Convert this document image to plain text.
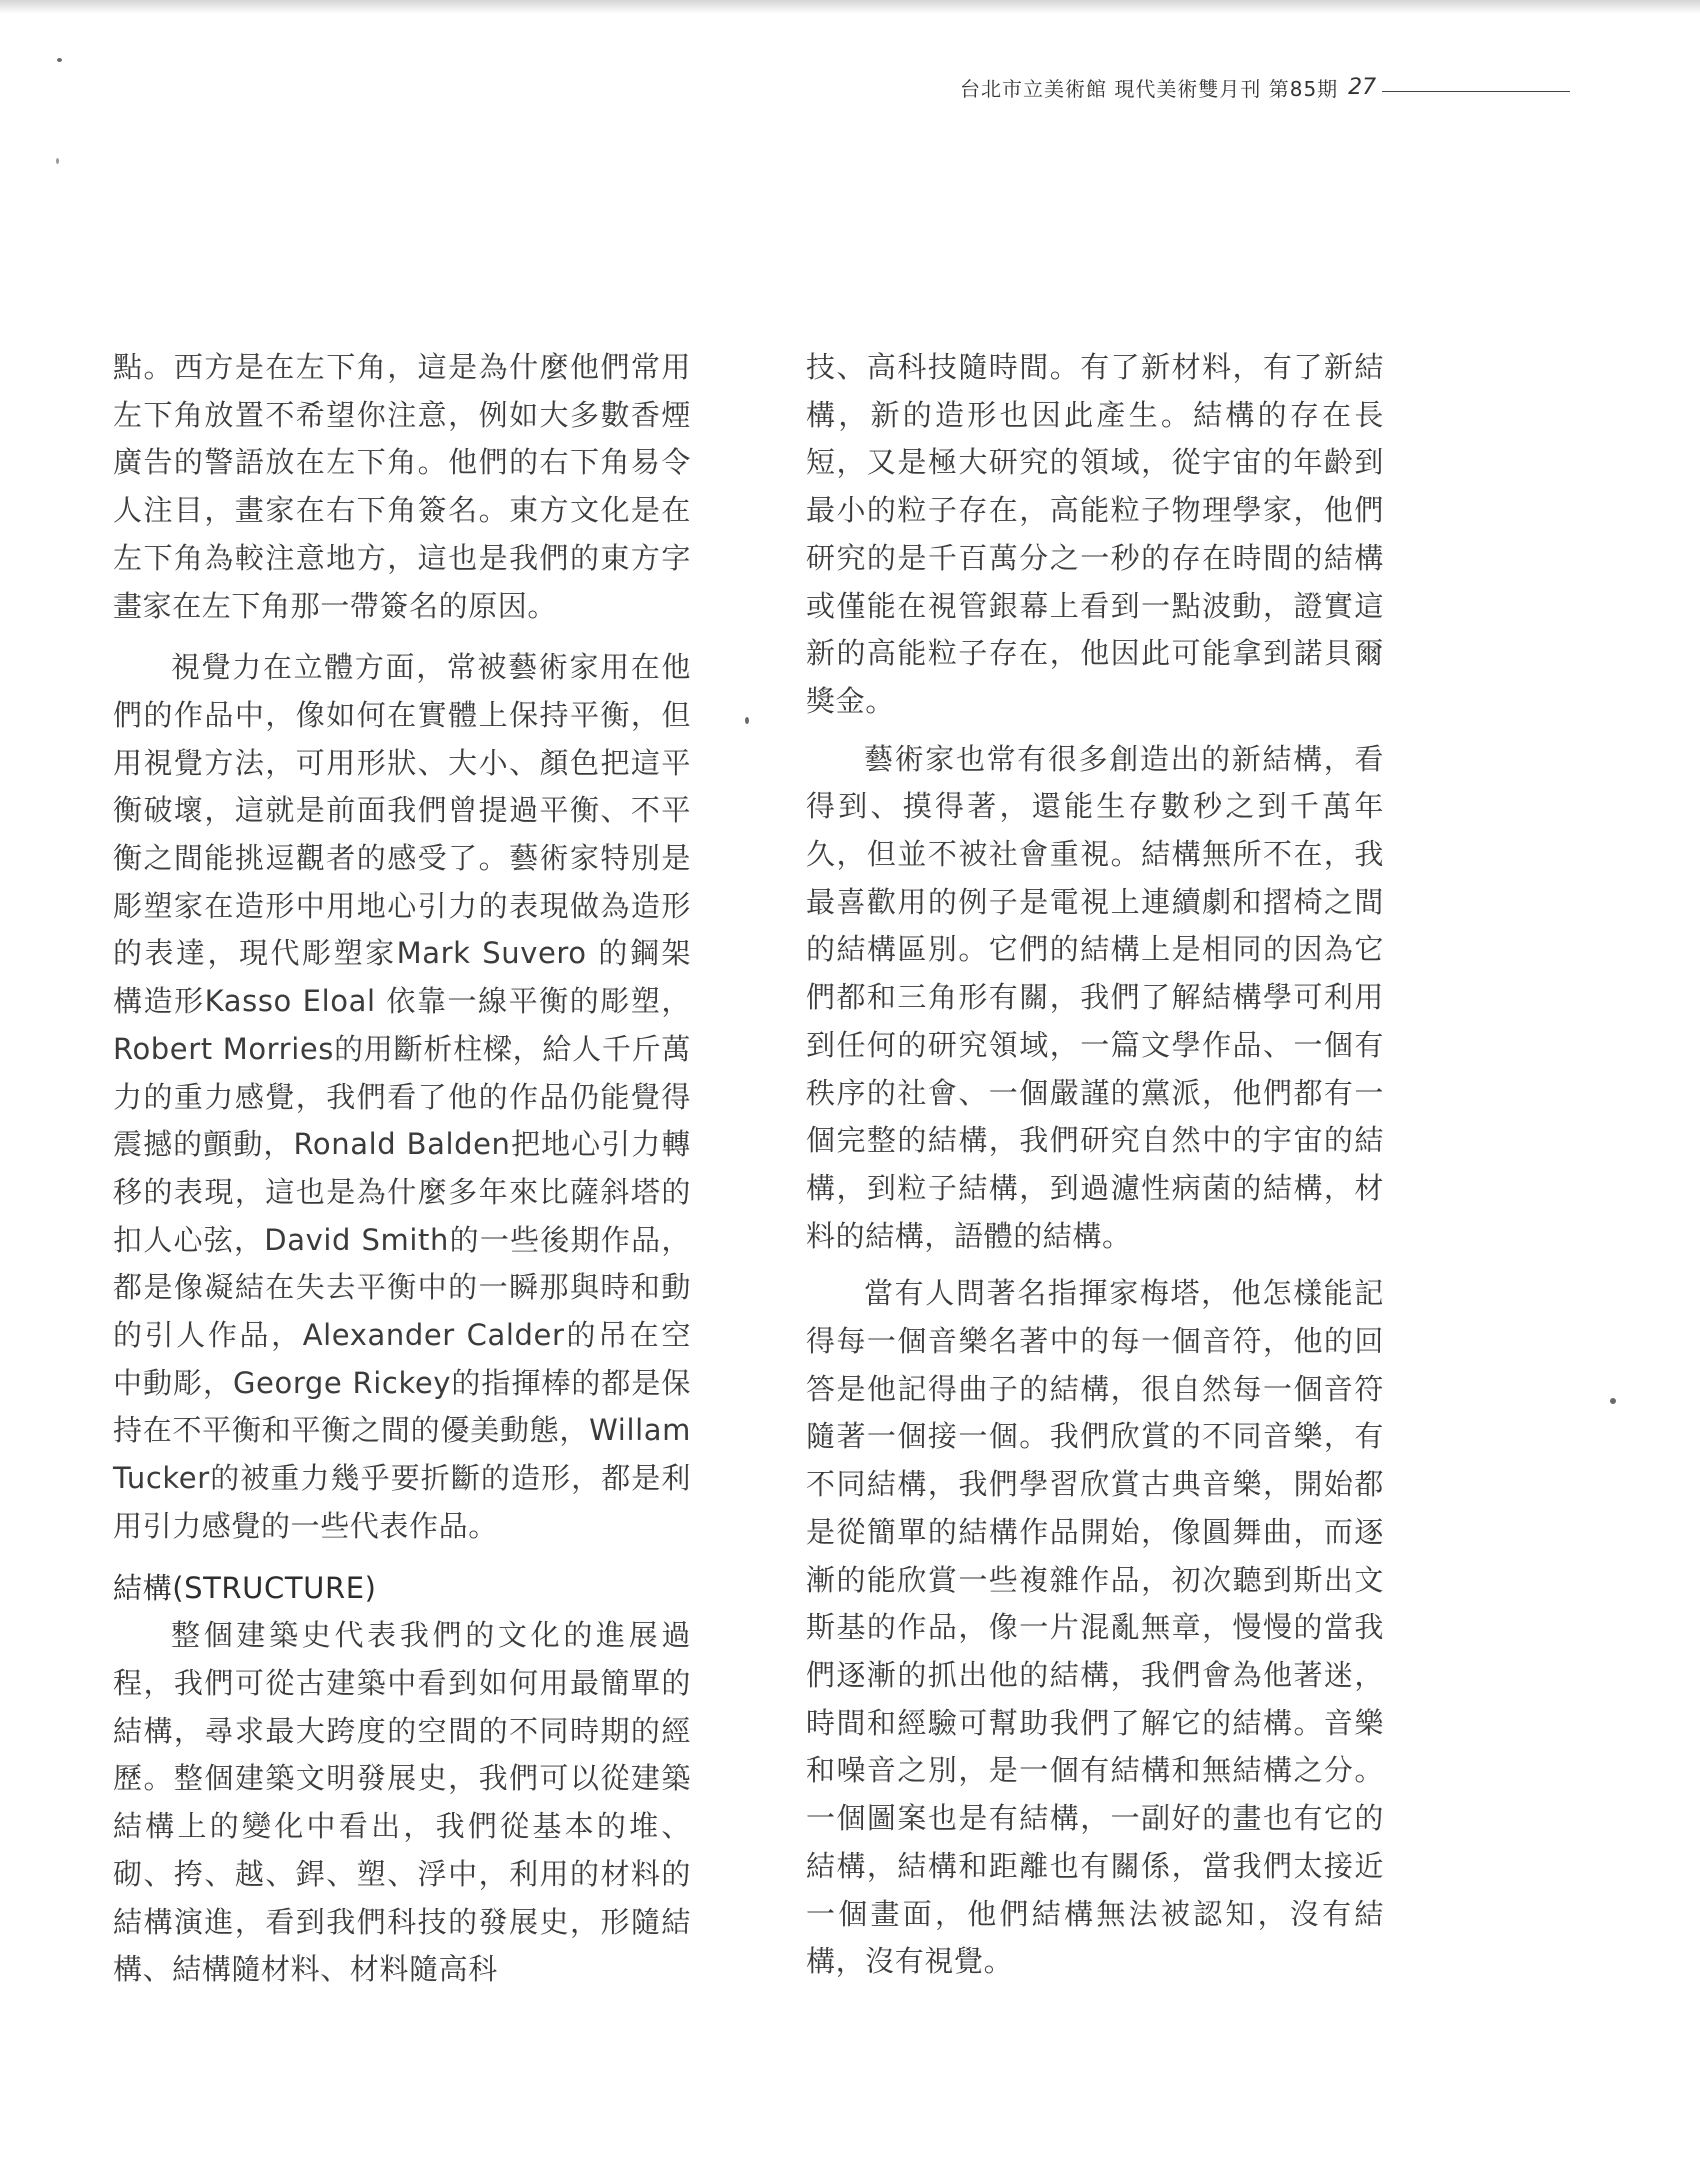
台北市立美術館 現代美術雙月刊 第85期 27

點。西方是在左下角，這是為什麼他們常用左下角放置不希望你注意，例如大多數香煙廣告的警語放在左下角。他們的右下角易令人注目，畫家在右下角簽名。東方文化是在左下角為較注意地方，這也是我們的東方字畫家在左下角那一帶簽名的原因。

視覺力在立體方面，常被藝術家用在他們的作品中，像如何在實體上保持平衡，但用視覺方法，可用形狀、大小、顏色把這平衡破壞，這就是前面我們曾提過平衡、不平衡之間能挑逗觀者的感受了。藝術家特別是彫塑家在造形中用地心引力的表現做為造形的表達，現代彫塑家Mark Suvero 的鋼架構造形Kasso Eloal 依靠一線平衡的彫塑，Robert Morries的用斷析柱樑，給人千斤萬力的重力感覺，我們看了他的作品仍能覺得震撼的顫動，Ronald Balden把地心引力轉移的表現，這也是為什麼多年來比薩斜塔的扣人心弦，David Smith的一些後期作品，都是像凝結在失去平衡中的一瞬那與時和動的引人作品，Alexander Calder的吊在空中動彫，George Rickey的指揮棒的都是保持在不平衡和平衡之間的優美動態，Willam Tucker的被重力幾乎要折斷的造形，都是利用引力感覺的一些代表作品。

結構(STRUCTURE)

整個建築史代表我們的文化的進展過程，我們可從古建築中看到如何用最簡單的結構，尋求最大跨度的空間的不同時期的經歷。整個建築文明發展史，我們可以從建築結構上的變化中看出，我們從基本的堆、砌、挎、越、銲、塑、浮中，利用的材料的結構演進，看到我們科技的發展史，形隨結構、結構隨材料、材料隨高科

技、高科技隨時間。有了新材料，有了新結構，新的造形也因此產生。結構的存在長短，又是極大研究的領域，從宇宙的年齡到最小的粒子存在，高能粒子物理學家，他們研究的是千百萬分之一秒的存在時間的結構或僅能在視管銀幕上看到一點波動，證實這新的高能粒子存在，他因此可能拿到諾貝爾獎金。

藝術家也常有很多創造出的新結構，看得到、摸得著，還能生存數秒之到千萬年久，但並不被社會重視。結構無所不在，我最喜歡用的例子是電視上連續劇和摺椅之間的結構區別。它們的結構上是相同的因為它們都和三角形有關，我們了解結構學可利用到任何的研究領域，一篇文學作品、一個有秩序的社會、一個嚴謹的黨派，他們都有一個完整的結構，我們研究自然中的宇宙的結構，到粒子結構，到過濾性病菌的結構，材料的結構，語體的結構。

當有人問著名指揮家梅塔，他怎樣能記得每一個音樂名著中的每一個音符，他的回答是他記得曲子的結構，很自然每一個音符隨著一個接一個。我們欣賞的不同音樂，有不同結構，我們學習欣賞古典音樂，開始都是從簡單的結構作品開始，像圓舞曲，而逐漸的能欣賞一些複雜作品，初次聽到斯出文斯基的作品，像一片混亂無章，慢慢的當我們逐漸的抓出他的結構，我們會為他著迷，時間和經驗可幫助我們了解它的結構。音樂和噪音之別，是一個有結構和無結構之分。一個圖案也是有結構，一副好的畫也有它的結構，結構和距離也有關係，當我們太接近一個畫面，他們結構無法被認知，沒有結構，沒有視覺。
